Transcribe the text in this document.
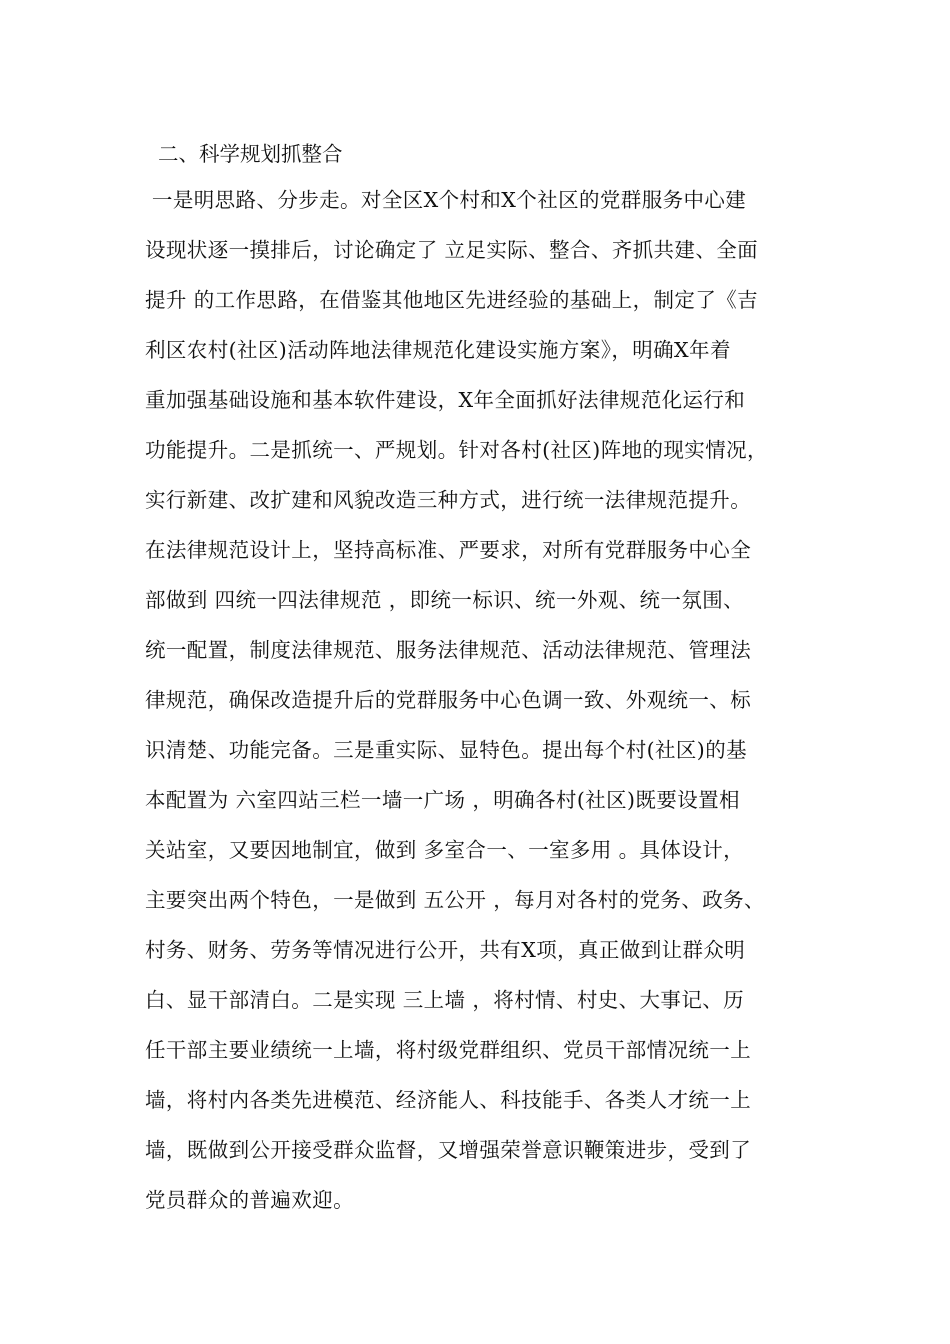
二、科学规划抓整合
一是明思路、分步走。对全区X个村和X个社区的党群服务中心建
设现状逐一摸排后，讨论确定了 立足实际、整合、齐抓共建、全面
提升 的工作思路，在借鉴其他地区先进经验的基础上，制定了《吉
利区农村(社区)活动阵地法律规范化建设实施方案》，明确X年着
重加强基础设施和基本软件建设，X年全面抓好法律规范化运行和
功能提升。二是抓统一、严规划。针对各村(社区)阵地的现实情况，
实行新建、改扩建和风貌改造三种方式，进行统一法律规范提升。
在法律规范设计上，坚持高标准、严要求，对所有党群服务中心全
部做到 四统一四法律规范 ，即统一标识、统一外观、统一氛围、
统一配置，制度法律规范、服务法律规范、活动法律规范、管理法
律规范，确保改造提升后的党群服务中心色调一致、外观统一、标
识清楚、功能完备。三是重实际、显特色。提出每个村(社区)的基
本配置为 六室四站三栏一墙一广场 ，明确各村(社区)既要设置相
关站室，又要因地制宜，做到 多室合一、一室多用 。具体设计，
主要突出两个特色，一是做到 五公开 ，每月对各村的党务、政务、
村务、财务、劳务等情况进行公开，共有X项，真正做到让群众明
白、显干部清白。二是实现 三上墙 ，将村情、村史、大事记、历
任干部主要业绩统一上墙，将村级党群组织、党员干部情况统一上
墙，将村内各类先进模范、经济能人、科技能手、各类人才统一上
墙，既做到公开接受群众监督，又增强荣誉意识鞭策进步，受到了
党员群众的普遍欢迎。
